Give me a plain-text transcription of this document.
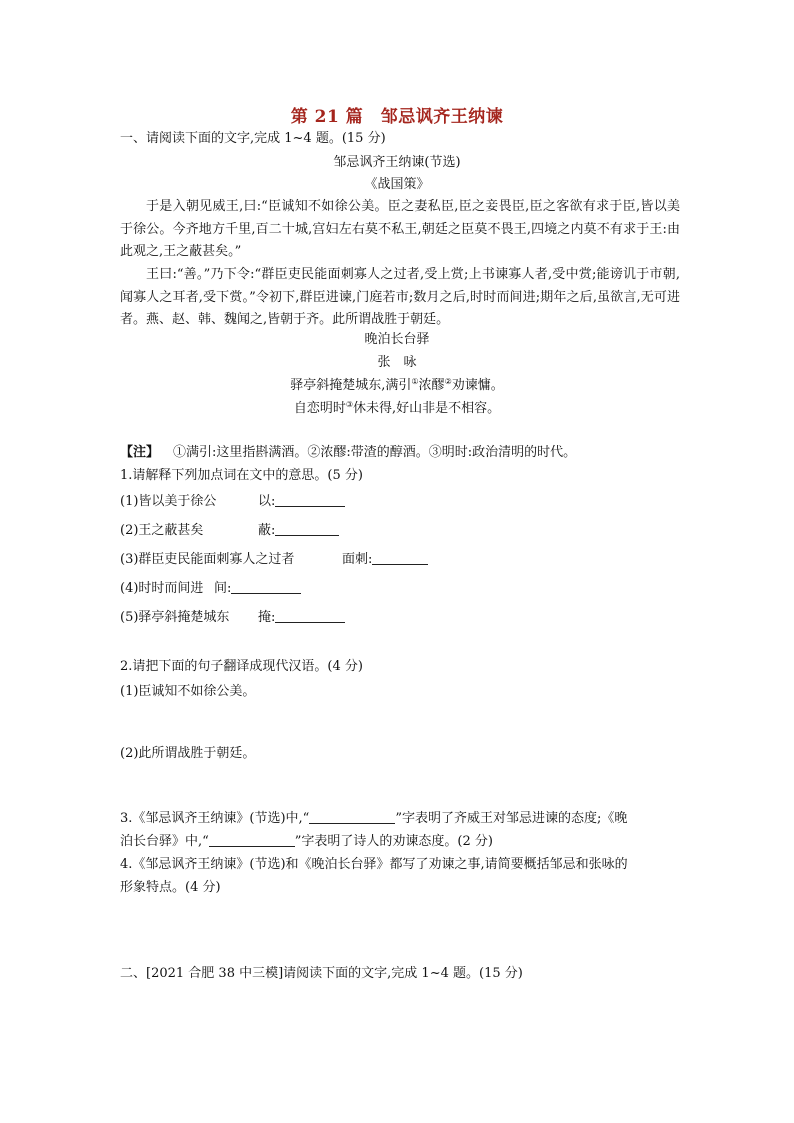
第 21 篇　邹忌讽齐王纳谏
一、请阅读下面的文字,完成 1~4 题。(15 分)
邹忌讽齐王纳谏(节选)
《战国策》
于是入朝见威王,曰:“臣诚知不如徐公美。臣之妻私臣,臣之妾畏臣,臣之客欲有求于臣,皆以美于徐公。今齐地方千里,百二十城,宫妇左右莫不私王,朝廷之臣莫不畏王,四境之内莫不有求于王:由此观之,王之蔽甚矣。”
王曰:“善。”乃下令:“群臣吏民能面刺寡人之过者,受上赏;上书谏寡人者,受中赏;能谤讥于市朝,闻寡人之耳者,受下赏。”令初下,群臣进谏,门庭若市;数月之后,时时而间进;期年之后,虽欲言,无可进者。燕、赵、韩、魏闻之,皆朝于齐。此所谓战胜于朝廷。
晚泊长台驿
张　咏
驿亭斜掩楚城东,满引①浓醪②劝谏慵。
自恋明时③休未得,好山非是不相容。
【注】 ①满引:这里指斟满酒。②浓醪:带渣的醇酒。③明时:政治清明的时代。
1.请解释下列加点词在文中的意思。(5 分)
(1)皆以美于徐公	以:
(2)王之蔽甚矣	蔽:
(3)群臣吏民能面刺寡人之过者	面刺:
(4)时时而间进 间:
(5)驿亭斜掩楚城东 掩:
2.请把下面的句子翻译成现代汉语。(4 分)
(1)臣诚知不如徐公美。
(2)此所谓战胜于朝廷。
3.《邹忌讽齐王纳谏》(节选)中,“	”字表明了齐威王对邹忌进谏的态度;《晚
泊长台驿》中,“	”字表明了诗人的劝谏态度。(2 分)
4.《邹忌讽齐王纳谏》(节选)和《晚泊长台驿》都写了劝谏之事,请简要概括邹忌和张咏的
形象特点。(4 分)
二、[2021 合肥 38 中三模]请阅读下面的文字,完成 1~4 题。(15 分)
